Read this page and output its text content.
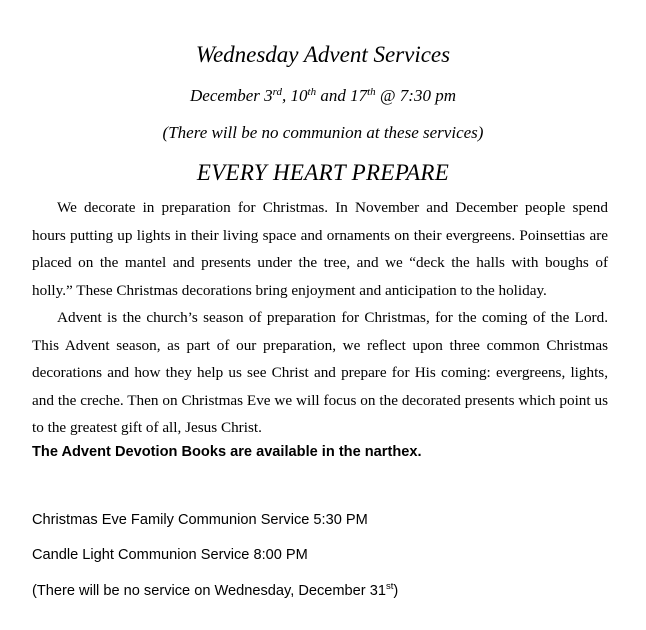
Wednesday Advent Services
December 3rd, 10th and 17th @ 7:30 pm
(There will be no communion at these services)
EVERY HEART PREPARE

We decorate in preparation for Christmas. In November and December people spend hours putting up lights in their living space and ornaments on their evergreens. Poinsettias are placed on the mantel and presents under the tree, and we “deck the halls with boughs of holly.” These Christmas decorations bring enjoyment and anticipation to the holiday.

Advent is the church’s season of preparation for Christmas, for the coming of the Lord. This Advent season, as part of our preparation, we reflect upon three common Christmas decorations and how they help us see Christ and prepare for His coming: evergreens, lights, and the creche. Then on Christmas Eve we will focus on the decorated presents which point us to the greatest gift of all, Jesus Christ.

The Advent Devotion Books are available in the narthex.
Christmas Eve Family Communion Service 5:30 PM
Candle Light Communion Service 8:00 PM
(There will be no service on Wednesday, December 31st)
